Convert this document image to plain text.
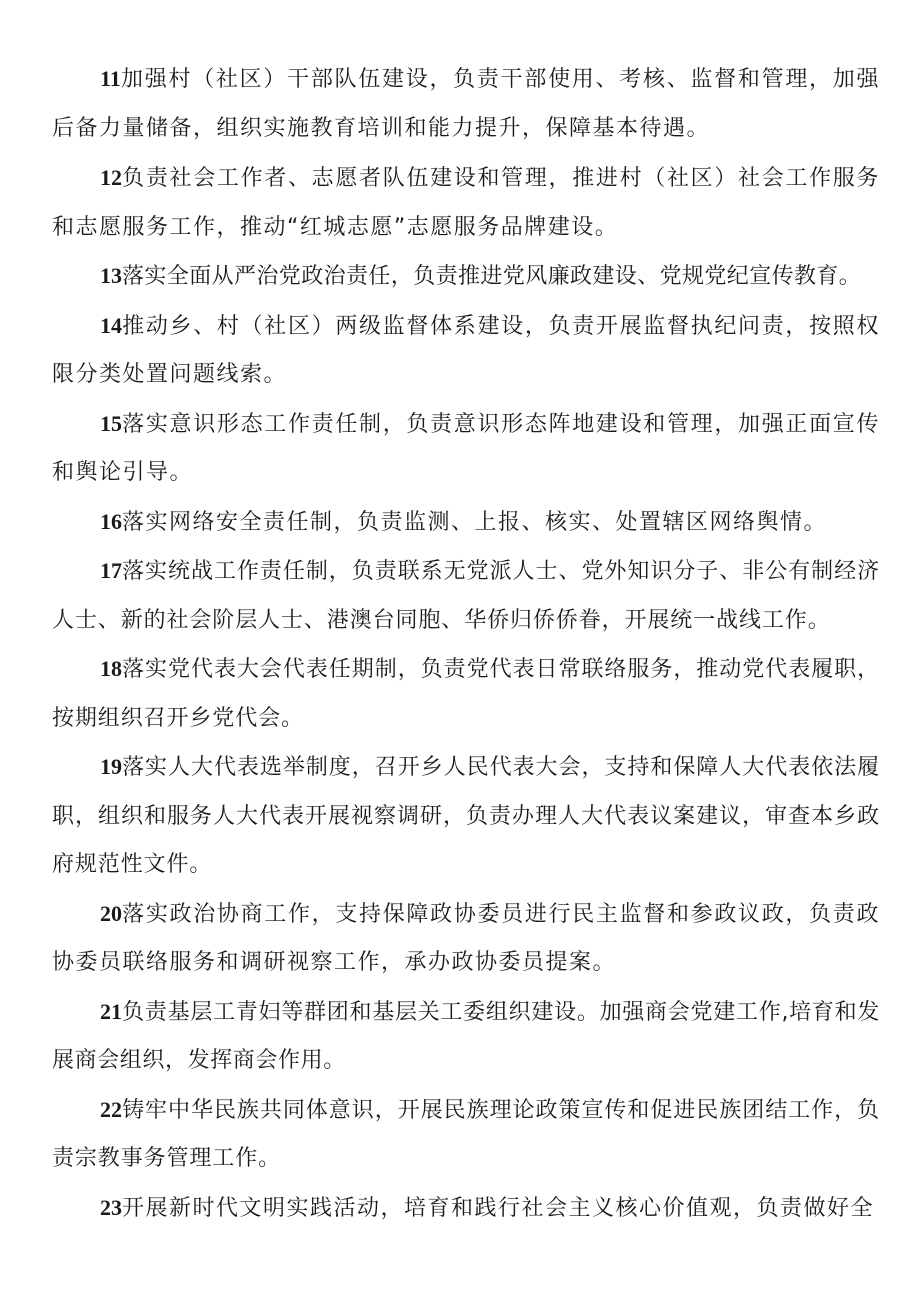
11加强村（社区）干部队伍建设，负责干部使用、考核、监督和管理，加强后备力量储备，组织实施教育培训和能力提升，保障基本待遇。

12负责社会工作者、志愿者队伍建设和管理，推进村（社区）社会工作服务和志愿服务工作，推动“红城志愿”志愿服务品牌建设。

13落实全面从严治党政治责任，负责推进党风廉政建设、党规党纪宣传教育。

14推动乡、村（社区）两级监督体系建设，负责开展监督执纪问责，按照权限分类处置问题线索。

15落实意识形态工作责任制，负责意识形态阵地建设和管理，加强正面宣传和舆论引导。

16落实网络安全责任制，负责监测、上报、核实、处置辖区网络舆情。

17落实统战工作责任制，负责联系无党派人士、党外知识分子、非公有制经济人士、新的社会阶层人士、港澳台同胞、华侨归侨侨眷，开展统一战线工作。

18落实党代表大会代表任期制，负责党代表日常联络服务，推动党代表履职，按期组织召开乡党代会。

19落实人大代表选举制度，召开乡人民代表大会，支持和保障人大代表依法履职，组织和服务人大代表开展视察调研，负责办理人大代表议案建议，审查本乡政府规范性文件。

20落实政治协商工作，支持保障政协委员进行民主监督和参政议政，负责政协委员联络服务和调研视察工作，承办政协委员提案。

21负责基层工青妇等群团和基层关工委组织建设。加强商会党建工作,培育和发展商会组织，发挥商会作用。

22铸牢中华民族共同体意识，开展民族理论政策宣传和促进民族团结工作，负责宗教事务管理工作。

23开展新时代文明实践活动，培育和践行社会主义核心价值观，负责做好全
